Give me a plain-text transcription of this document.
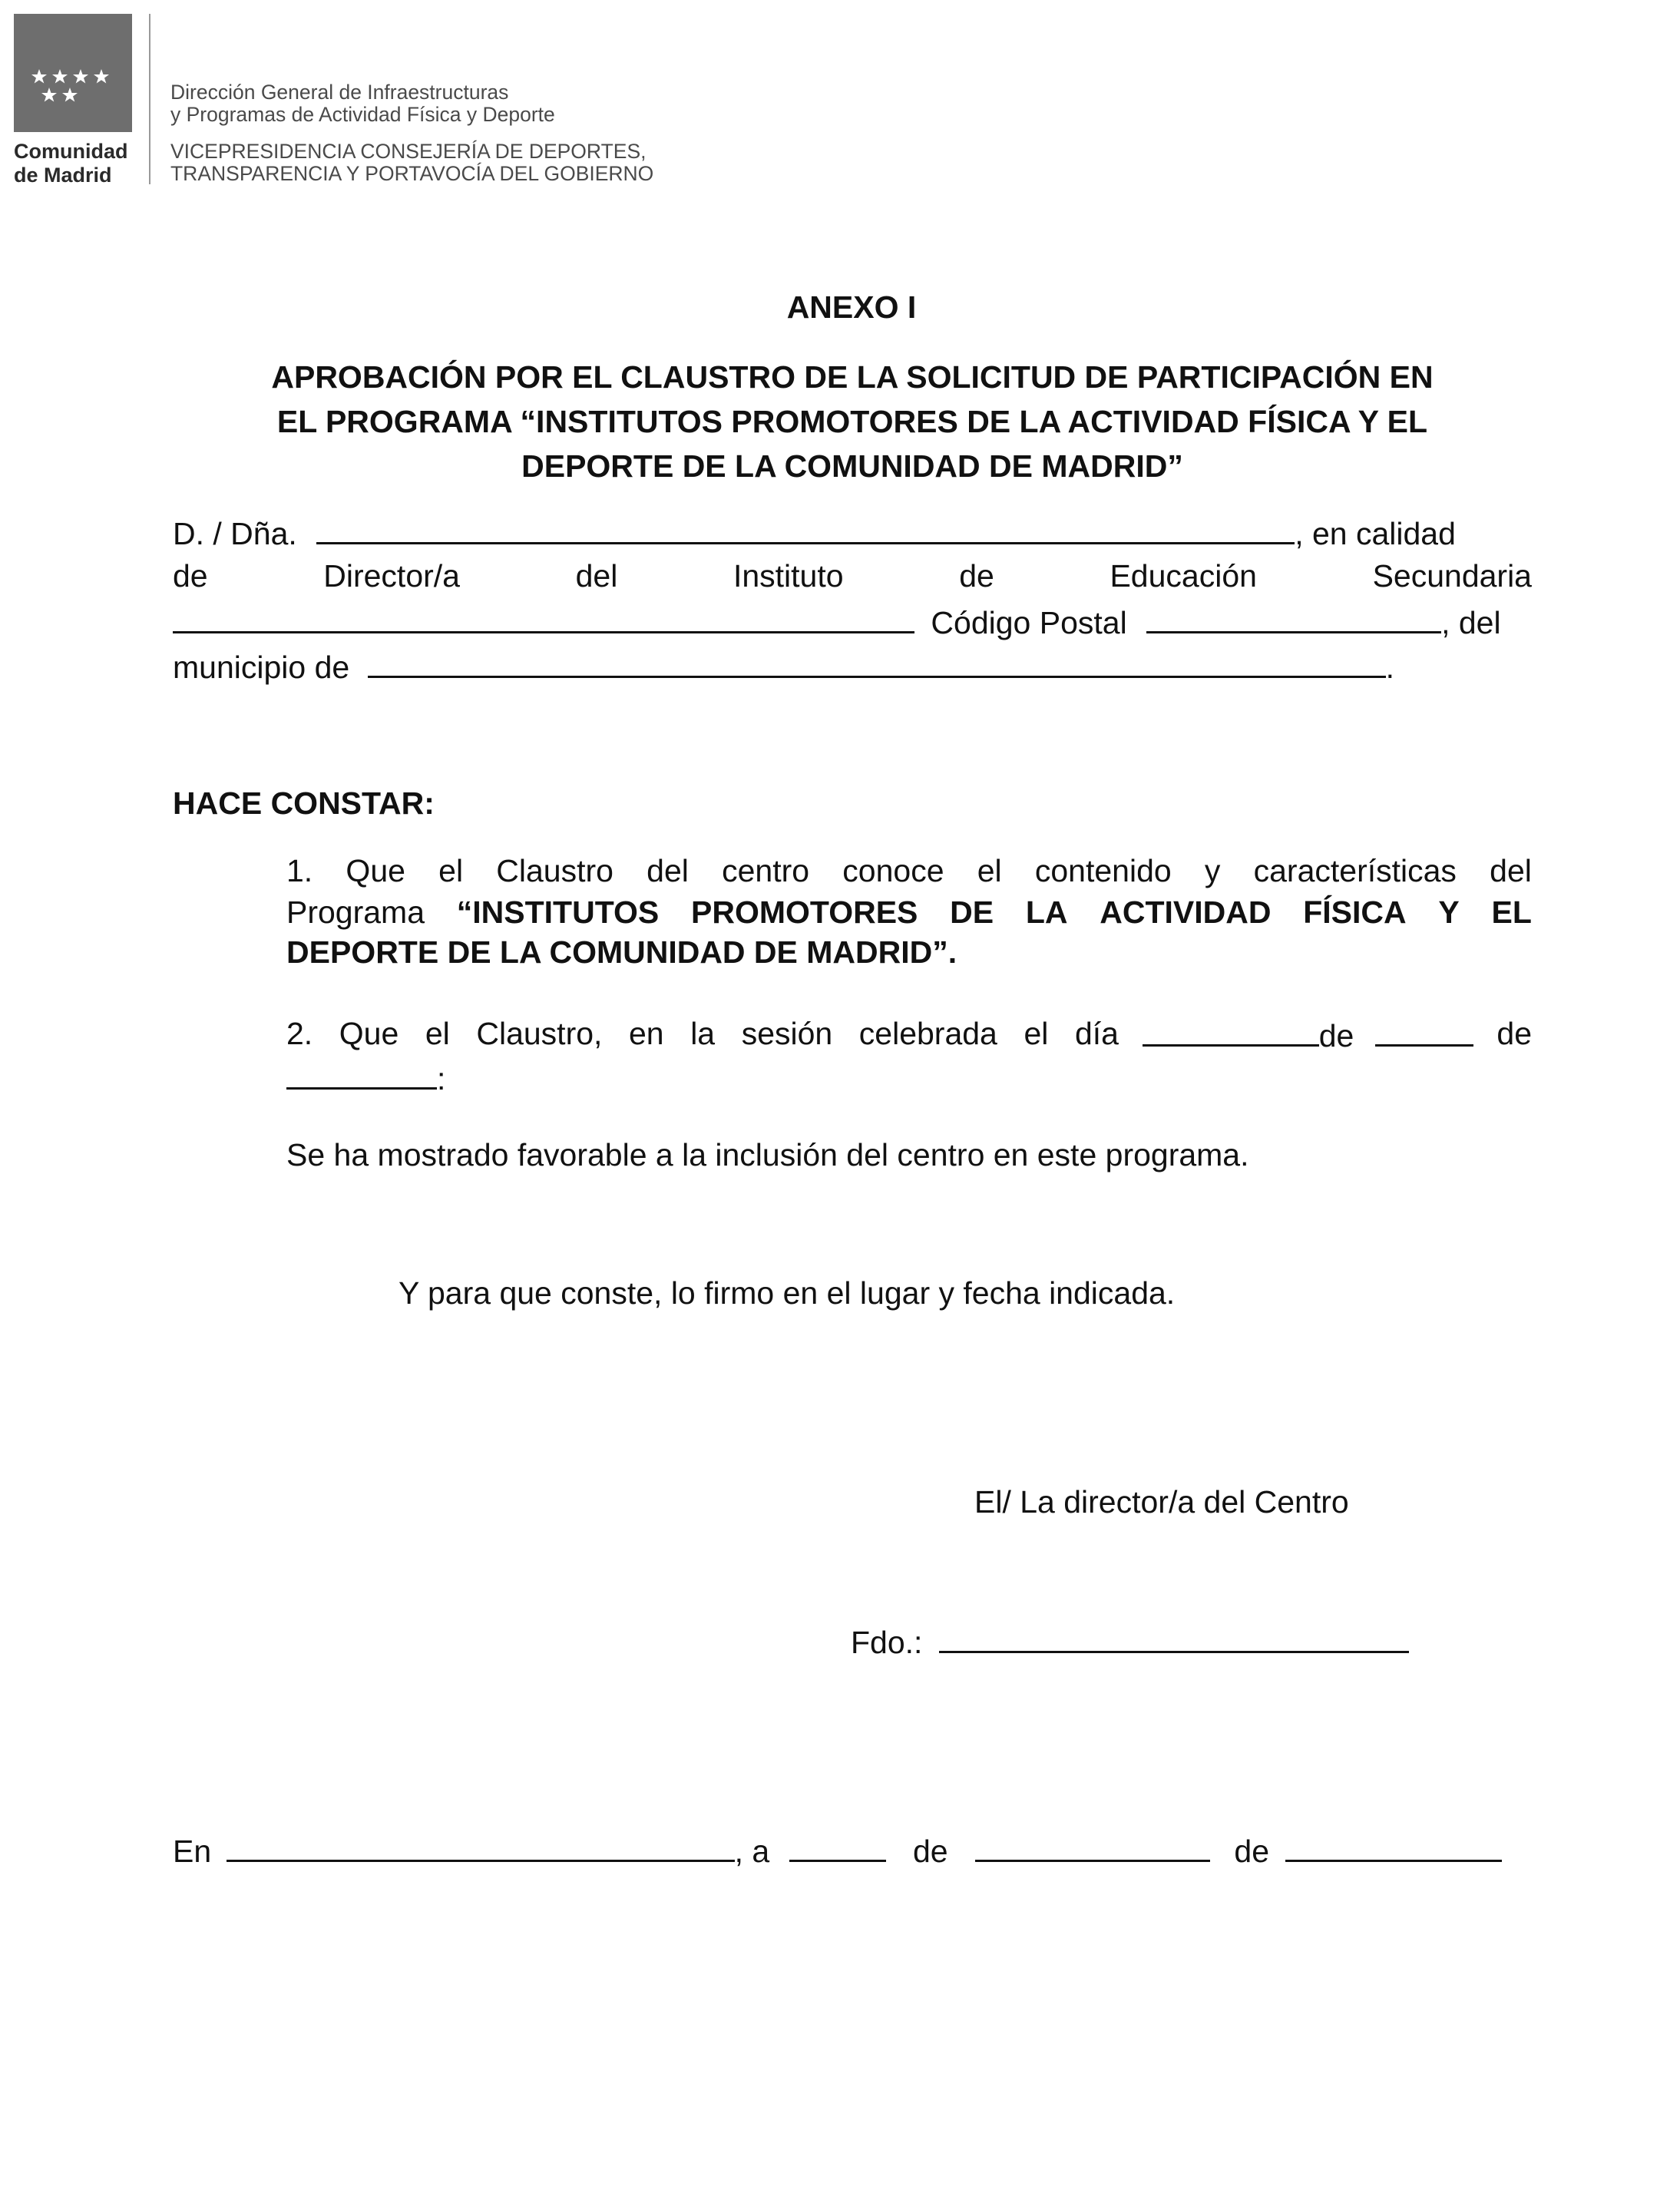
Comunidad
de Madrid
Dirección General de Infraestructuras
y Programas de Actividad Física y Deporte
VICEPRESIDENCIA CONSEJERÍA DE DEPORTES,
TRANSPARENCIA Y PORTAVOCÍA DEL GOBIERNO
ANEXO I
APROBACIÓN POR EL CLAUSTRO DE LA SOLICITUD DE PARTICIPACIÓN EN
EL PROGRAMA “INSTITUTOS PROMOTORES DE LA ACTIVIDAD FÍSICA Y EL
DEPORTE DE LA COMUNIDAD DE MADRID”
D. / Dña.	, en calidad
de	Director/a	del	Instituto	de	Educación	Secundaria
Código Postal	, del
municipio de	.
HACE CONSTAR:
1. Que el Claustro del centro conoce el contenido y características del
Programa “INSTITUTOS PROMOTORES DE LA ACTIVIDAD FÍSICA Y EL
DEPORTE DE LA COMUNIDAD DE MADRID”.
2. Que el Claustro, en la sesión celebrada el día	de	de
:
Se ha mostrado favorable a la inclusión del centro en este programa.
Y para que conste, lo firmo en el lugar y fecha indicada.
El/ La director/a del Centro
Fdo.:
En	, a	de	de
